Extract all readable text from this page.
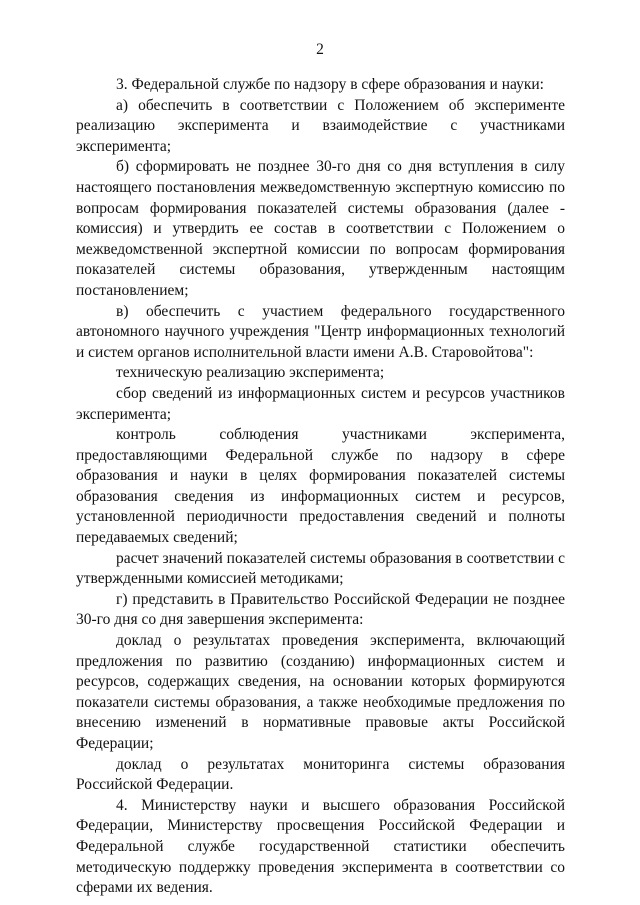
2

3. Федеральной службе по надзору в сфере образования и науки:

а) обеспечить в соответствии с Положением об эксперименте реализацию эксперимента и взаимодействие с участниками эксперимента;

б) сформировать не позднее 30-го дня со дня вступления в силу настоящего постановления межведомственную экспертную комиссию по вопросам формирования показателей системы образования (далее - комиссия) и утвердить ее состав в соответствии с Положением о межведомственной экспертной комиссии по вопросам формирования показателей системы образования, утвержденным настоящим постановлением;

в) обеспечить с участием федерального государственного автономного научного учреждения "Центр информационных технологий и систем органов исполнительной власти имени А.В. Старовойтова":

техническую реализацию эксперимента;

сбор сведений из информационных систем и ресурсов участников эксперимента;

контроль соблюдения участниками эксперимента, предоставляющими Федеральной службе по надзору в сфере образования и науки в целях формирования показателей системы образования сведения из информационных систем и ресурсов, установленной периодичности предоставления сведений и полноты передаваемых сведений;

расчет значений показателей системы образования в соответствии с утвержденными комиссией методиками;

г) представить в Правительство Российской Федерации не позднее 30-го дня со дня завершения эксперимента:

доклад о результатах проведения эксперимента, включающий предложения по развитию (созданию) информационных систем и ресурсов, содержащих сведения, на основании которых формируются показатели системы образования, а также необходимые предложения по внесению изменений в нормативные правовые акты Российской Федерации;

доклад о результатах мониторинга системы образования Российской Федерации.

4. Министерству науки и высшего образования Российской Федерации, Министерству просвещения Российской Федерации и Федеральной службе государственной статистики обеспечить методическую поддержку проведения эксперимента в соответствии со сферами их ведения.
